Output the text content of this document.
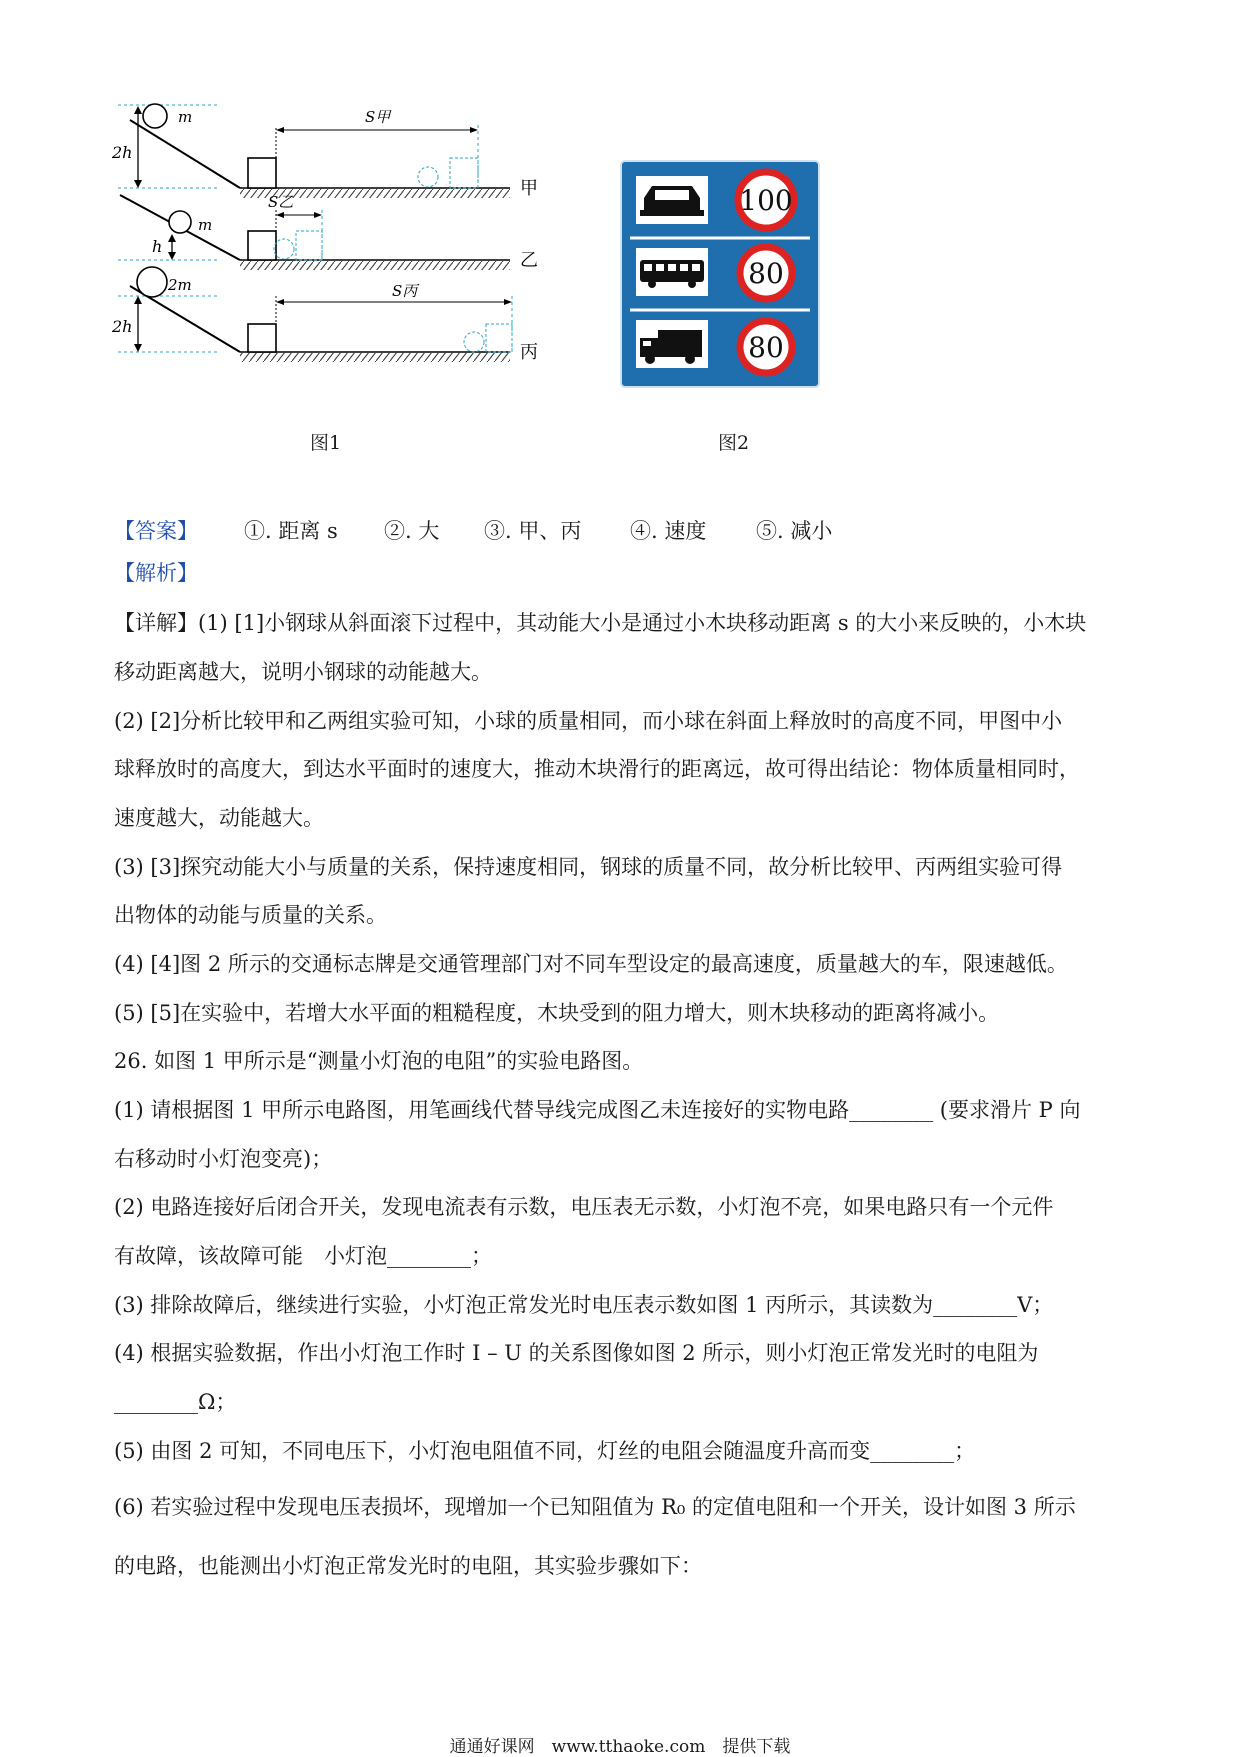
2h
m	S甲
甲
m
h
S乙
乙
2h
2m	S丙
丙
图1
100
80
80
图2
【答案】 ①. 距离 s ②. 大 ③. 甲、丙 ④. 速度 ⑤. 减小
【解析】
【详解】(1) [1]小钢球从斜面滚下过程中，其动能大小是通过小木块移动距离 s 的大小来反映的，小木块
移动距离越大，说明小钢球的动能越大。
(2) [2]分析比较甲和乙两组实验可知，小球的质量相同，而小球在斜面上释放时的高度不同，甲图中小
球释放时的高度大，到达水平面时的速度大，推动木块滑行的距离远，故可得出结论：物体质量相同时，
速度越大，动能越大。
(3) [3]探究动能大小与质量的关系，保持速度相同，钢球的质量不同，故分析比较甲、丙两组实验可得
出物体的动能与质量的关系。
(4) [4]图 2 所示的交通标志牌是交通管理部门对不同车型设定的最高速度，质量越大的车，限速越低。
(5) [5]在实验中，若增大水平面的粗糙程度，木块受到的阻力增大，则木块移动的距离将减小。
26. 如图 1 甲所示是“测量小灯泡的电阻”的实验电路图。
(1) 请根据图 1 甲所示电路图，用笔画线代替导线完成图乙未连接好的实物电路________ (要求滑片 P 向
右移动时小灯泡变亮)；
(2) 电路连接好后闭合开关，发现电流表有示数，电压表无示数，小灯泡不亮，如果电路只有一个元件
有故障，该故障可能　小灯泡________；
(3) 排除故障后，继续进行实验，小灯泡正常发光时电压表示数如图 1 丙所示，其读数为________V；
(4) 根据实验数据，作出小灯泡工作时 I – U 的关系图像如图 2 所示，则小灯泡正常发光时的电阻为
________Ω；
(5) 由图 2 可知，不同电压下，小灯泡电阻值不同，灯丝的电阻会随温度升高而变________；
(6) 若实验过程中发现电压表损坏，现增加一个已知阻值为 R₀ 的定值电阻和一个开关，设计如图 3 所示
的电路，也能测出小灯泡正常发光时的电阻，其实验步骤如下：
通通好课网　www.tthaoke.com　提供下载
